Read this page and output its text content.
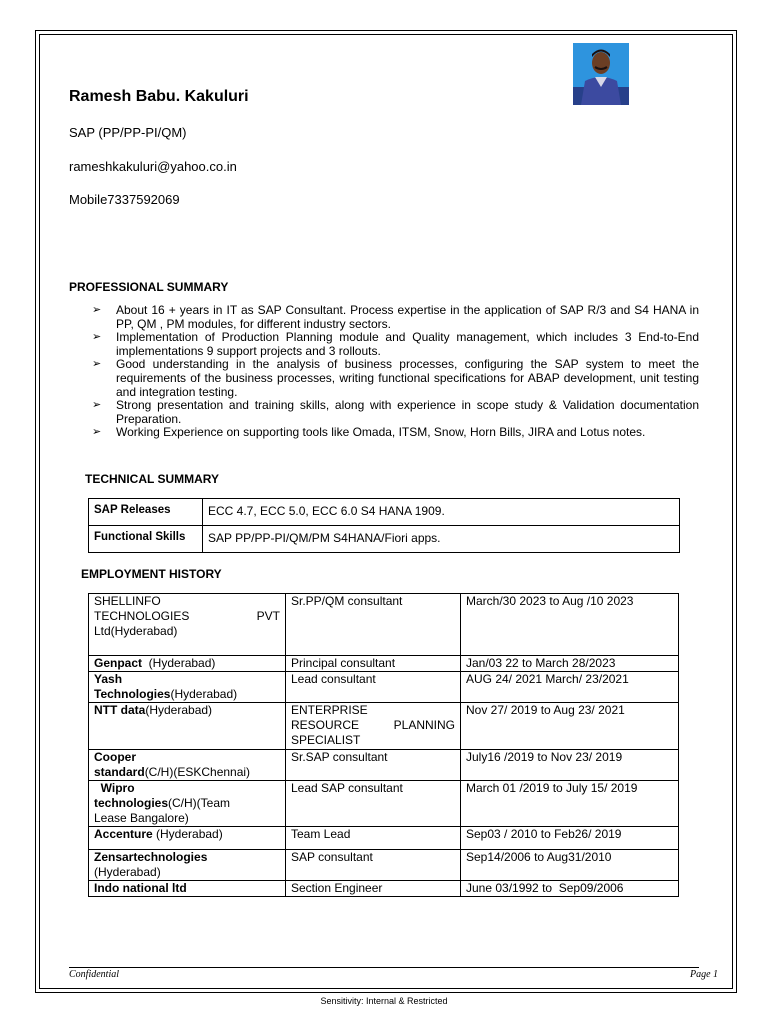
Ramesh Babu. Kakuluri
SAP (PP/PP-PI/QM)
rameshkakuluri@yahoo.co.in
Mobile7337592069
PROFESSIONAL SUMMARY
➢ About 16 + years in IT as SAP Consultant. Process expertise in the application of SAP R/3 and S4 HANA in PP, QM , PM modules, for different industry sectors.
➢ Implementation of Production Planning module and Quality management, which includes 3 End-to-End implementations 9 support projects and 3 rollouts.
➢ Good understanding in the analysis of business processes, configuring the SAP system to meet the requirements of the business processes, writing functional specifications for ABAP development, unit testing and integration testing.
➢ Strong presentation and training skills, along with experience in scope study & Validation documentation Preparation.
➢ Working Experience on supporting tools like Omada, ITSM, Snow, Horn Bills, JIRA and Lotus notes.
TECHNICAL SUMMARY
SAP Releases	ECC 4.7, ECC 5.0, ECC 6.0 S4 HANA 1909.
Functional Skills	SAP PP/PP-PI/QM/PM S4HANA/Fiori apps.
EMPLOYMENT HISTORY
SHELLINFO
TECHNOLOGIES PVT
Ltd(Hyderabad)	Sr.PP/QM consultant	March/30 2023 to Aug /10 2023
Genpact  (Hyderabad)	Principal consultant	Jan/03 22 to March 28/2023

Yash
Technologies(Hyderabad)	Lead consultant	AUG 24/ 2021 March/ 23/2021
NTT data(Hyderabad)	ENTERPRISE
RESOURCE PLANNING
SPECIALIST	Nov 27/ 2019 to Aug 23/ 2021

Cooper
standard(C/H)(ESKChennai)	Sr.SAP consultant	July16 /2019 to Nov 23/ 2019

Wipro
technologies(C/H)(Team
Lease Bangalore)	Lead SAP consultant	March 01 /2019 to July 15/ 2019
Accenture (Hyderabad)	Team Lead	Sep03 / 2010 to Feb26/ 2019

Zensartechnologies
(Hyderabad)	SAP consultant	Sep14/2006 to Aug31/2010
Indo national ltd	Section Engineer	June 03/1992 to  Sep09/2006
Confidential	Page 1
Sensitivity: Internal & Restricted
